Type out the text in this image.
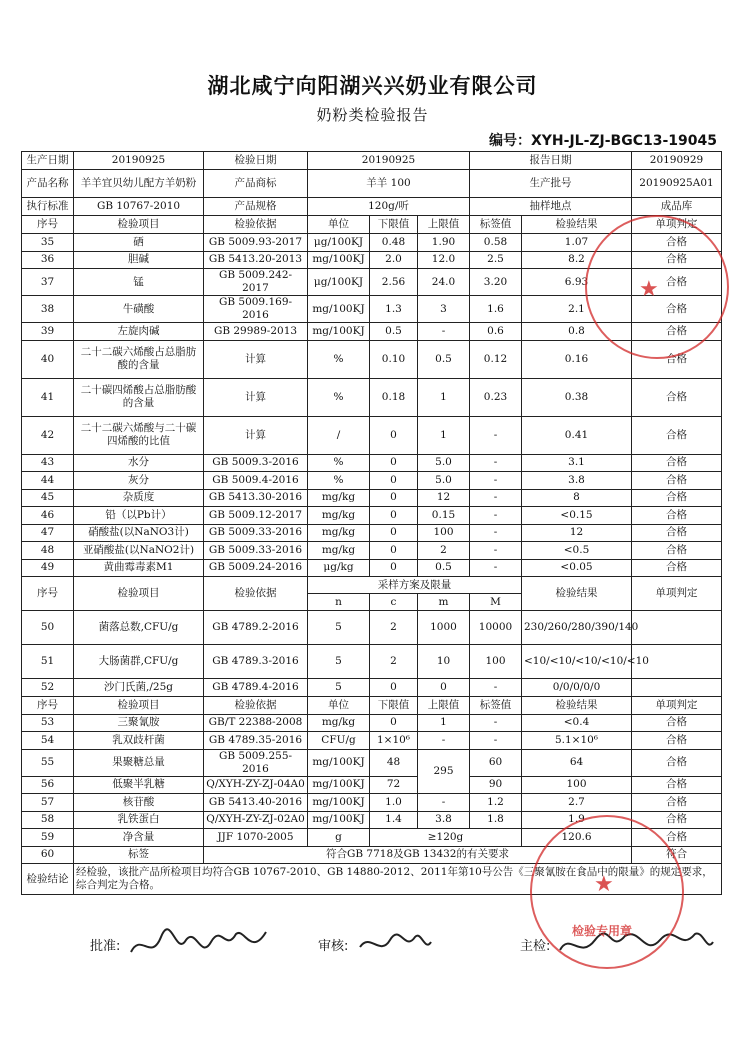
湖北咸宁向阳湖兴兴奶业有限公司
奶粉类检验报告
编号：XYH-JL-ZJ-BGC13-19045
生产日期	20190925	检验日期	20190925			报告日期		20190929
产品名称	羊羊宜贝幼儿配方羊奶粉	产品商标	羊羊 100			生产批号		20190925A01
执行标准	GB 10767-2010	产品规格	120g/听			抽样地点		成品库
序号	检验项目	检验依据	单位	下限值	上限值	标签值	检验结果	单项判定
35	硒	GB 5009.93-2017	μg/100KJ	0.48	1.90	0.58	1.07	合格
36	胆碱	GB 5413.20-2013	mg/100KJ	2.0	12.0	2.5	8.2	合格
37	锰	GB 5009.242-2017	μg/100KJ	2.56	24.0	3.20	6.93	合格
38	牛磺酸	GB 5009.169-2016	mg/100KJ	1.3	3	1.6	2.1	合格
39	左旋肉碱	GB 29989-2013	mg/100KJ	0.5	-	0.6	0.8	合格
40	二十二碳六烯酸占总脂肪酸的含量	计算	%	0.10	0.5	0.12	0.16	合格
41	二十碳四烯酸占总脂肪酸的含量	计算	%	0.18	1	0.23	0.38	合格
42	二十二碳六烯酸与二十碳四烯酸的比值	计算	/	0	1	-	0.41	合格
43	水分	GB 5009.3-2016	%	0	5.0	-	3.1	合格
44	灰分	GB 5009.4-2016	%	0	5.0	-	3.8	合格
45	杂质度	GB 5413.30-2016	mg/kg	0	12	-	8	合格
46	铅（以Pb计）	GB 5009.12-2017	mg/kg	0	0.15	-	<0.15	合格
47	硝酸盐(以NaNO3计)	GB 5009.33-2016	mg/kg	0	100	-	12	合格
48	亚硝酸盐(以NaNO2计)	GB 5009.33-2016	mg/kg	0	2	-	<0.5	合格
49	黄曲霉毒素M1	GB 5009.24-2016	μg/kg	0	0.5	-	<0.05	合格
序号	检验项目	检验依据	采样方案及限量				检验结果	单项判定
			n	c	m	M		
50	菌落总数,CFU/g	GB 4789.2-2016	5	2	1000	10000	230/260/280/390/140	
51	大肠菌群,CFU/g	GB 4789.3-2016	5	2	10	100	<10/<10/<10/<10/<10	
52	沙门氏菌,/25g	GB 4789.4-2016	5	0	0	-	0/0/0/0/0	
序号	检验项目	检验依据	单位	下限值	上限值	标签值	检验结果	单项判定
53	三聚氰胺	GB/T 22388-2008	mg/kg	0	1	-	<0.4	合格
54	乳双歧杆菌	GB 4789.35-2016	CFU/g	1×10⁶	-	-	5.1×10⁶	合格
55	果聚糖总量	GB 5009.255-2016	mg/100KJ	48	295	60	64	合格
56	低聚半乳糖	Q/XYH-ZY-ZJ-04A0	mg/100KJ	72		90	100	合格
57	核苷酸	GB 5413.40-2016	mg/100KJ	1.0	-	1.2	2.7	合格
58	乳铁蛋白	Q/XYH-ZY-ZJ-02A0	mg/100KJ	1.4	3.8	1.8	1.9	合格
59	净含量	JJF 1070-2005	g	≥120g			120.6	合格
60	标签	符合GB 7718及GB 13432的有关要求						符合
检验结论	经检验，该批产品所检项目均符合GB 10767-2010、GB 14880-2012、2011年第10号公告《三聚氰胺在食品中的限量》的规定要求，综合判定为合格。							
批准:	审核:	主检:
★
★
检验专用章
